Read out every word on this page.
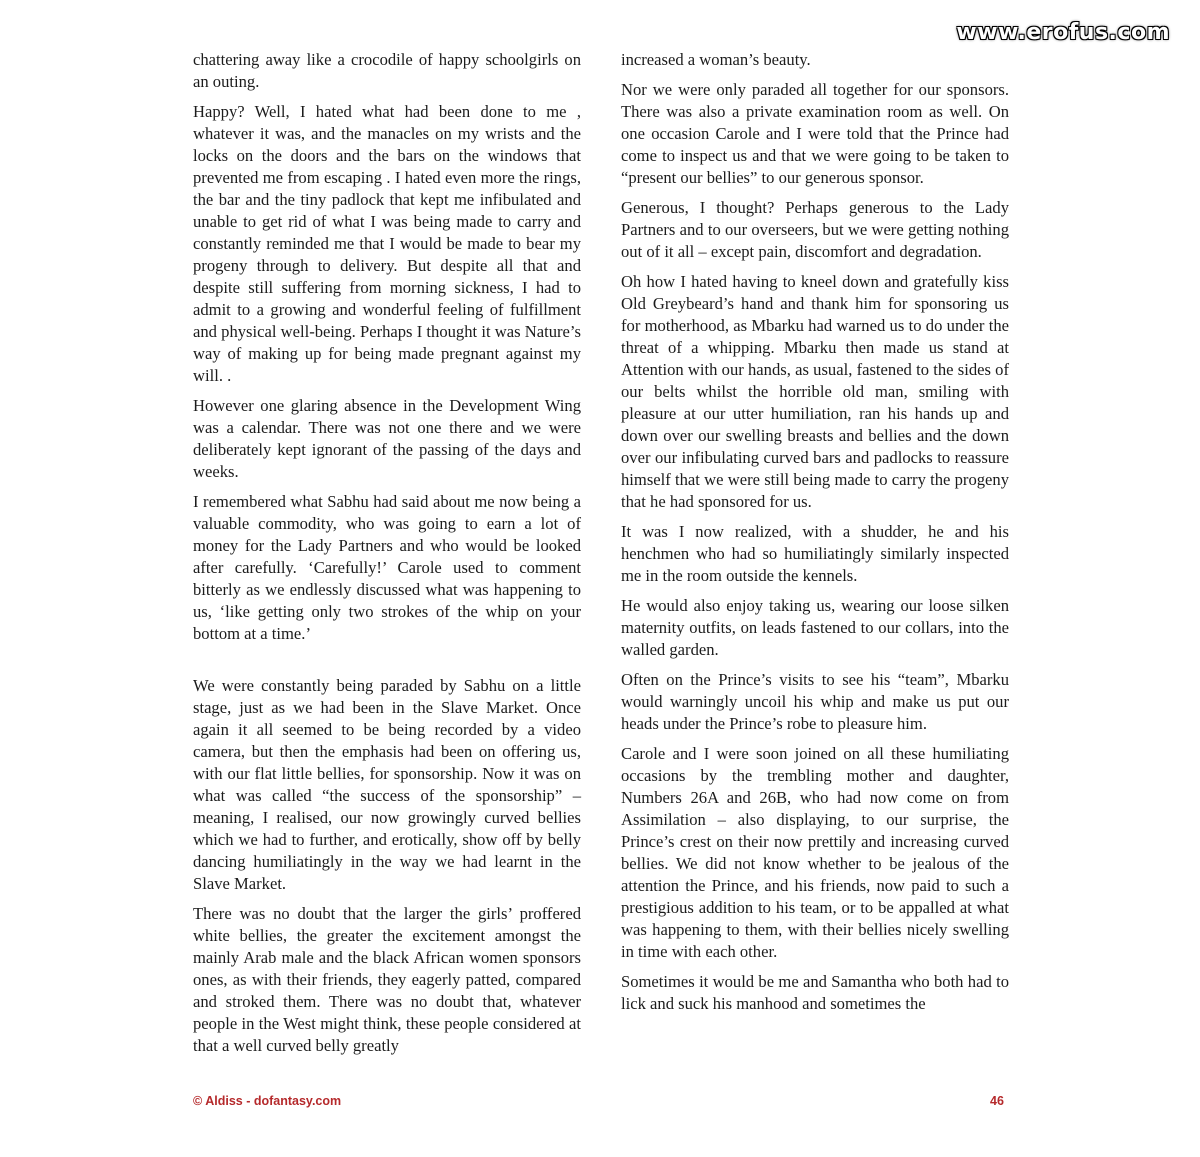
www.erofus.com

chattering away like a crocodile of happy schoolgirls on an outing.

Happy? Well, I hated what had been done to me , whatever it was, and the manacles on my wrists and the locks on the doors and the bars on the windows that prevented me from escaping . I hated even more the rings, the bar and the tiny padlock that kept me infibulated and unable to get rid of what I was being made to carry and constantly reminded me that I would be made to bear my progeny through to delivery. But despite all that and despite still suffering from morning sickness, I had to admit to a growing and wonderful feeling of fulfillment and physical well-being. Perhaps I thought it was Nature’s way of making up for being made pregnant against my will. .

However one glaring absence in the Development Wing was a calendar. There was not one there and we were deliberately kept ignorant of the passing of the days and weeks.

I remembered what Sabhu had said about me now being a valuable commodity, who was going to earn a lot of money for the Lady Partners and who would be looked after carefully. ‘Carefully!’ Carole used to comment bitterly as we endlessly discussed what was happening to us, ‘like getting only two strokes of the whip on your bottom at a time.’

We were constantly being paraded by Sabhu on a little stage, just as we had been in the Slave Market. Once again it all seemed to be being recorded by a video camera, but then the emphasis had been on offering us, with our flat little bellies, for sponsorship. Now it was on what was called “the success of the sponsorship” – meaning, I realised, our now growingly curved bellies which we had to further, and erotically, show off by belly dancing humiliatingly in the way we had learnt in the Slave Market.

There was no doubt that the larger the girls’ proffered white bellies, the greater the excitement amongst the mainly Arab male and the black African women sponsors ones, as with their friends, they eagerly patted, compared and stroked them. There was no doubt that, whatever people in the West might think, these people considered at that a well curved belly greatly

increased a woman’s beauty.

Nor we were only paraded all together for our sponsors. There was also a private examination room as well. On one occasion Carole and I were told that the Prince had come to inspect us and that we were going to be taken to “present our bellies” to our generous sponsor.

Generous, I thought? Perhaps generous to the Lady Partners and to our overseers, but we were getting nothing out of it all – except pain, discomfort and degradation.

Oh how I hated having to kneel down and gratefully kiss Old Greybeard’s hand and thank him for sponsoring us for motherhood, as Mbarku had warned us to do under the threat of a whipping. Mbarku then made us stand at Attention with our hands, as usual, fastened to the sides of our belts whilst the horrible old man, smiling with pleasure at our utter humiliation, ran his hands up and down over our swelling breasts and bellies and the down over our infibulating curved bars and padlocks to reassure himself that we were still being made to carry the progeny that he had sponsored for us.

It was I now realized, with a shudder, he and his henchmen who had so humiliatingly similarly inspected me in the room outside the kennels.

He would also enjoy taking us, wearing our loose silken maternity outfits, on leads fastened to our collars, into the walled garden.

Often on the Prince’s visits to see his “team”, Mbarku would warningly uncoil his whip and make us put our heads under the Prince’s robe to pleasure him.

Carole and I were soon joined on all these humiliating occasions by the trembling mother and daughter, Numbers 26A and 26B, who had now come on from Assimilation – also displaying, to our surprise, the Prince’s crest on their now prettily and increasing curved bellies. We did not know whether to be jealous of the attention the Prince, and his friends, now paid to such a prestigious addition to his team, or to be appalled at what was happening to them, with their bellies nicely swelling in time with each other.

Sometimes it would be me and Samantha who both had to lick and suck his manhood and sometimes the

© Aldiss - dofantasy.com	46
